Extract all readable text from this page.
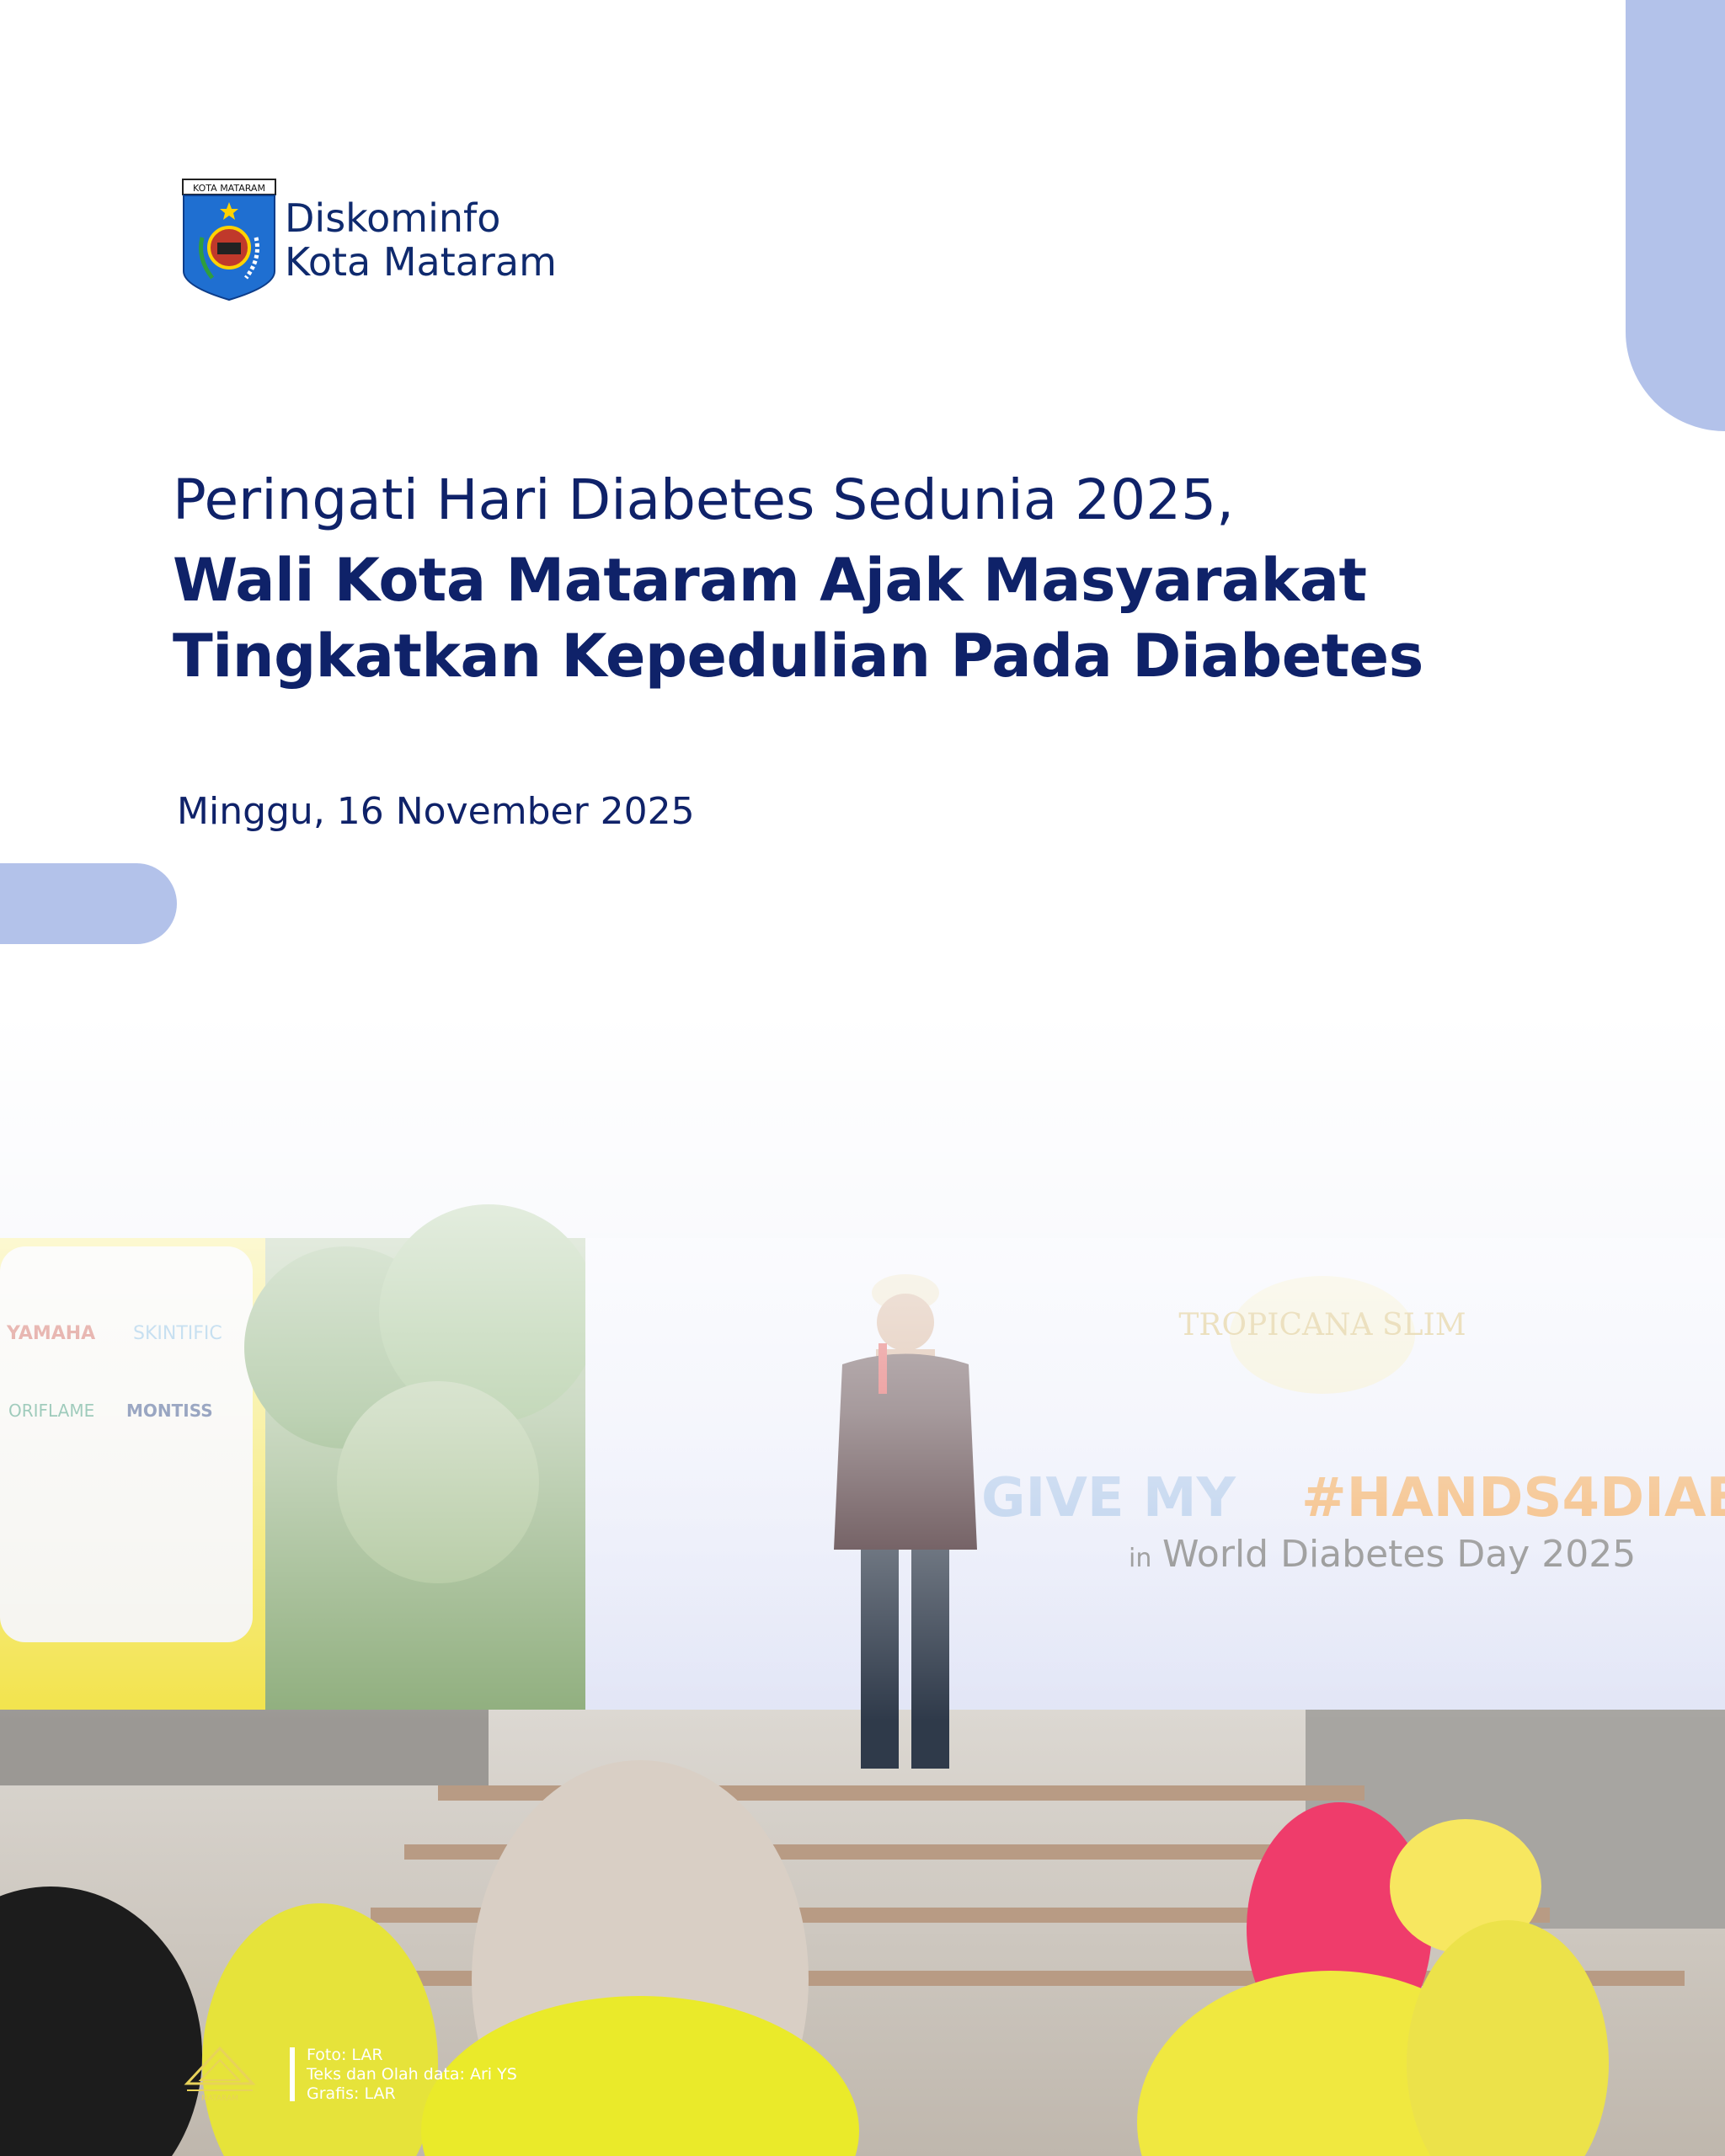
KOTA MATARAM
Diskominfo
Kota Mataram
Peringati Hari Diabetes Sedunia 2025,
Wali Kota Mataram Ajak Masyarakat
Tingkatkan Kepedulian Pada Diabetes
Minggu, 16 November 2025
MATARAM
Foto: LAR
Teks dan Olah data: Ari YS
Grafis: LAR
